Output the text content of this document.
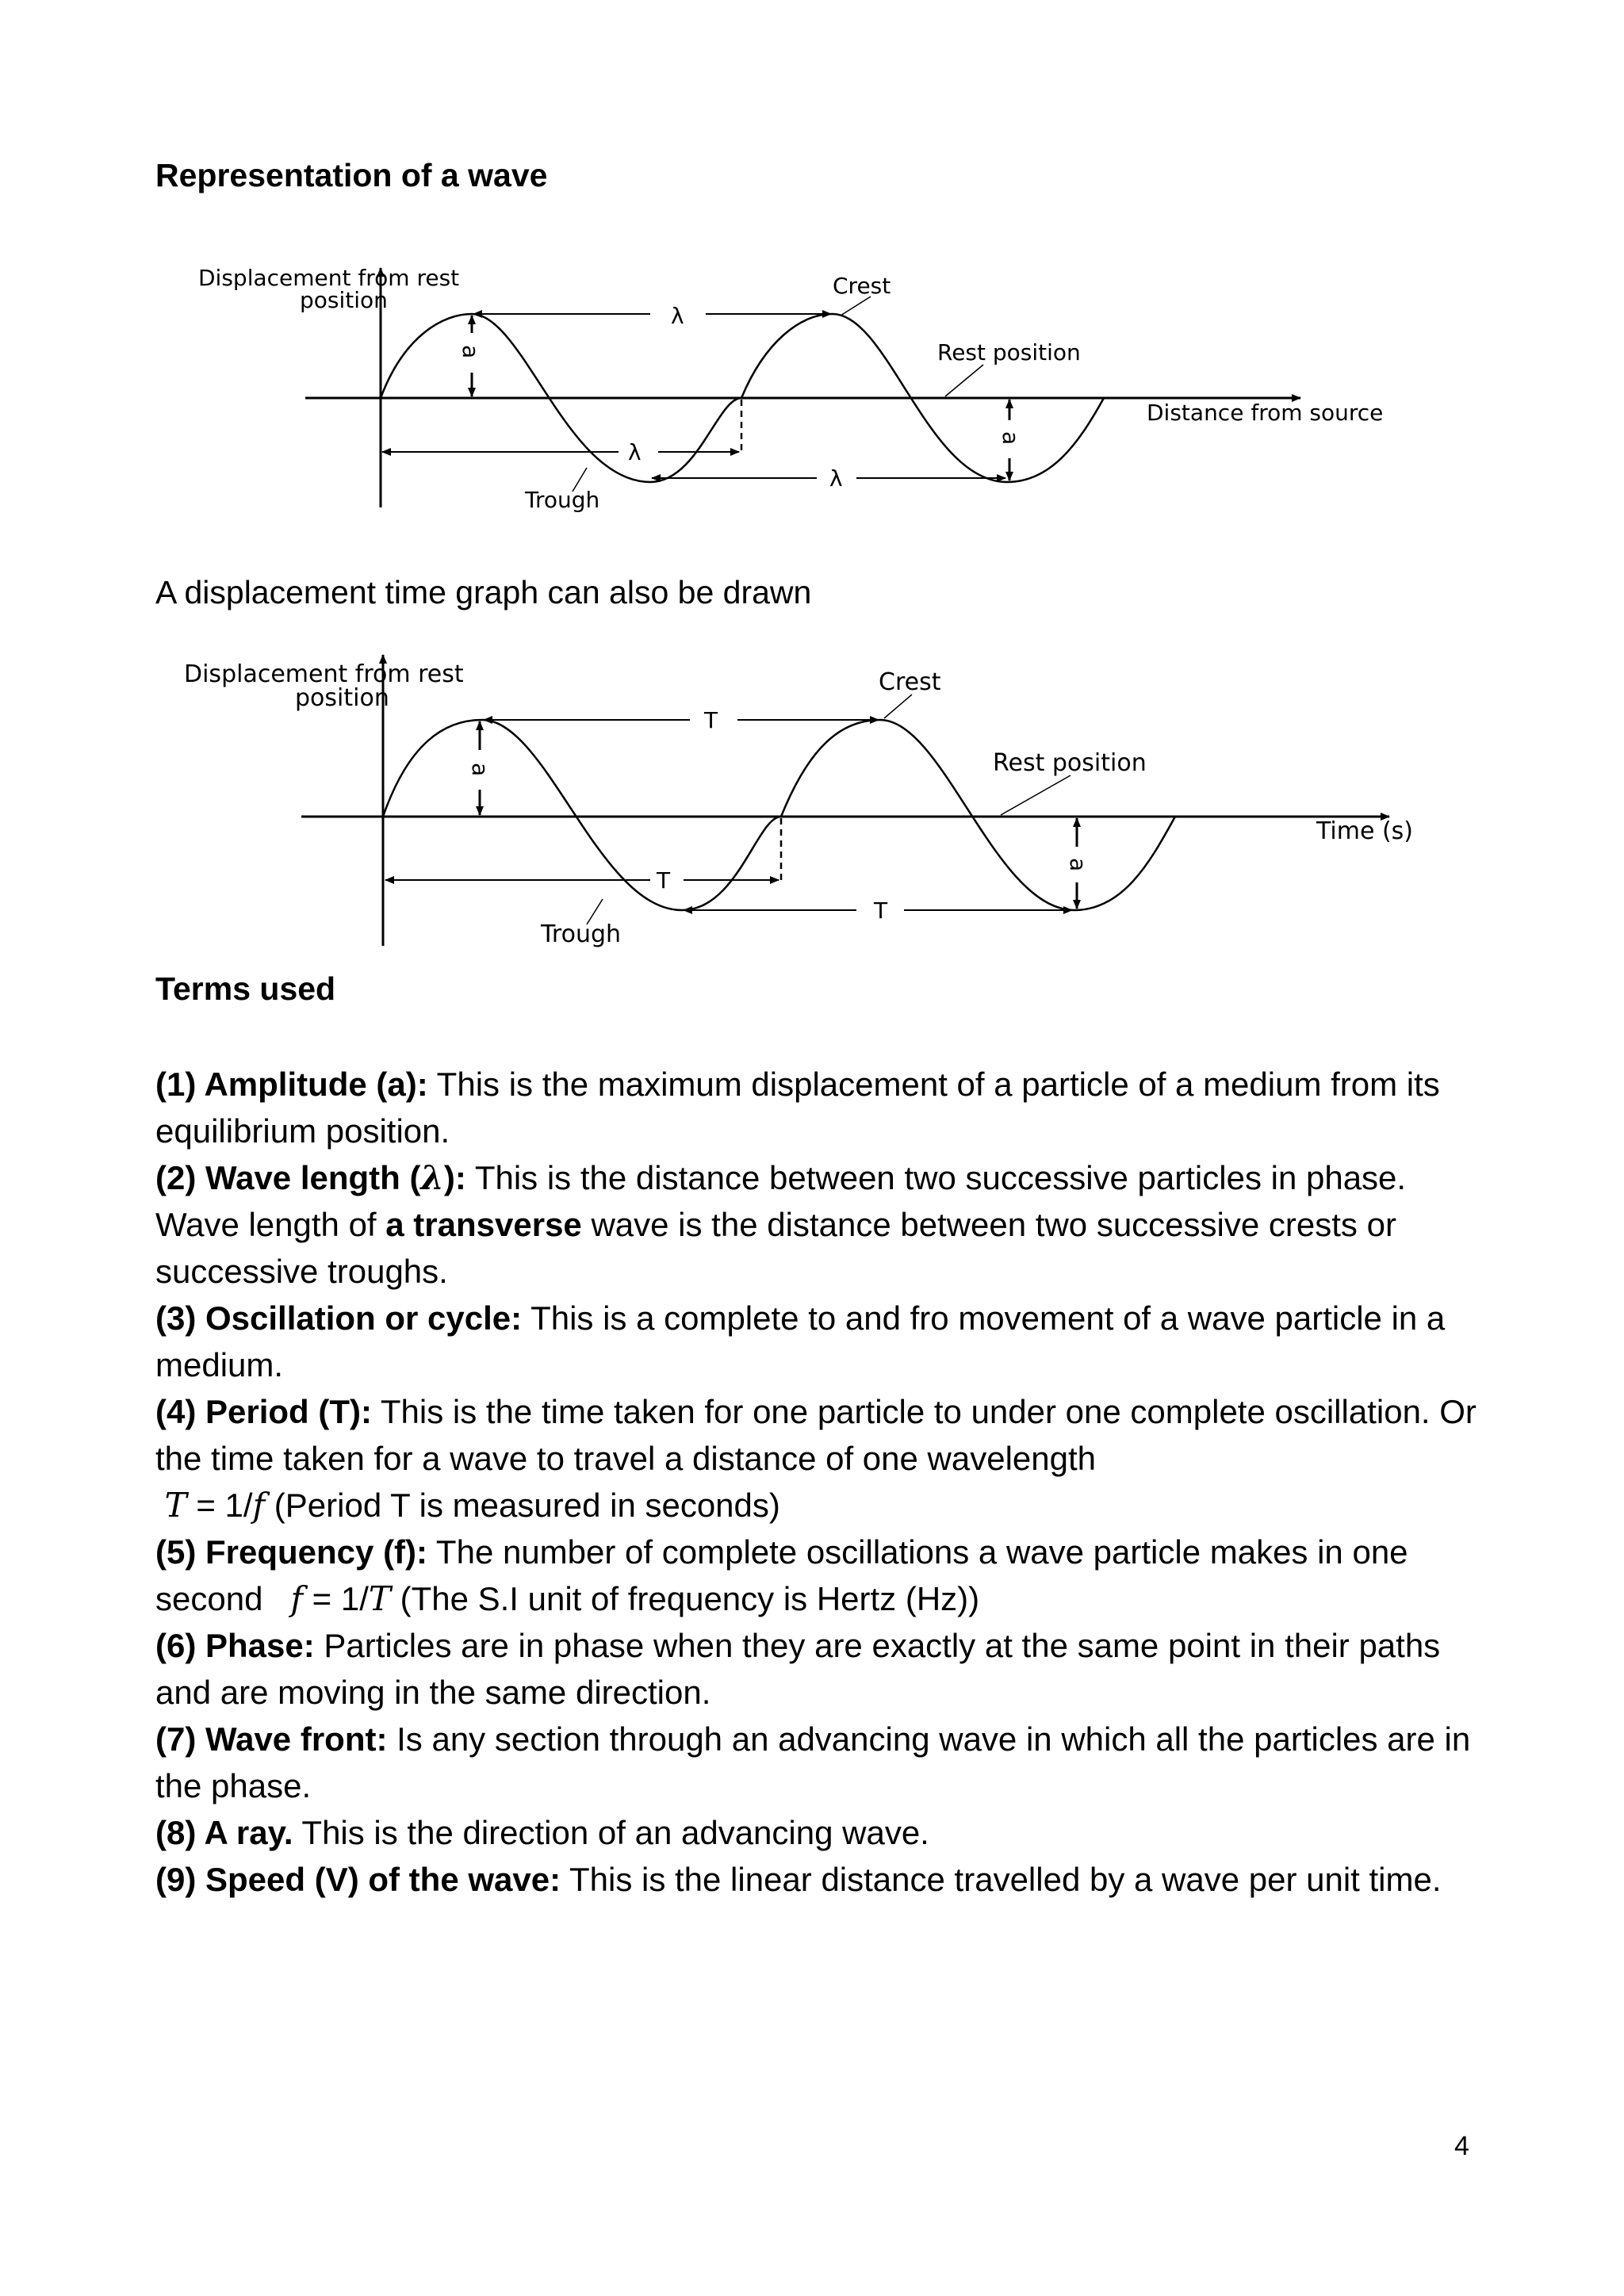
Representation of a wave
a
a
λ
λ
λ
Displacement from rest
position
Crest
Rest position
Distance from source
Trough

A displacement time graph can also be drawn

a
a
T
T
T
Displacement from rest
position
Crest
Rest position
Time (s)
Trough
Terms used

(1) Amplitude (a): This is the maximum displacement of a particle of a medium from its equilibrium position.

(2) Wave length (λ): This is the distance between two successive particles in phase.
Wave length of a transverse wave is the distance between two successive crests or successive troughs.

(3) Oscillation or cycle: This is a complete to and fro movement of a wave particle in a medium.

(4) Period (T): This is the time taken for one particle to under one complete oscillation. Or the time taken for a wave to travel a distance of one wavelength
T = 1/f (Period T is measured in seconds)

(5) Frequency (f): The number of complete oscillations a wave particle makes in one second   f = 1/T (The S.I unit of frequency is Hertz (Hz))

(6) Phase: Particles are in phase when they are exactly at the same point in their paths and are moving in the same direction.

(7) Wave front: Is any section through an advancing wave in which all the particles are in the phase.

(8) A ray. This is the direction of an advancing wave.

(9) Speed (V) of the wave: This is the linear distance travelled by a wave per unit time.

4
